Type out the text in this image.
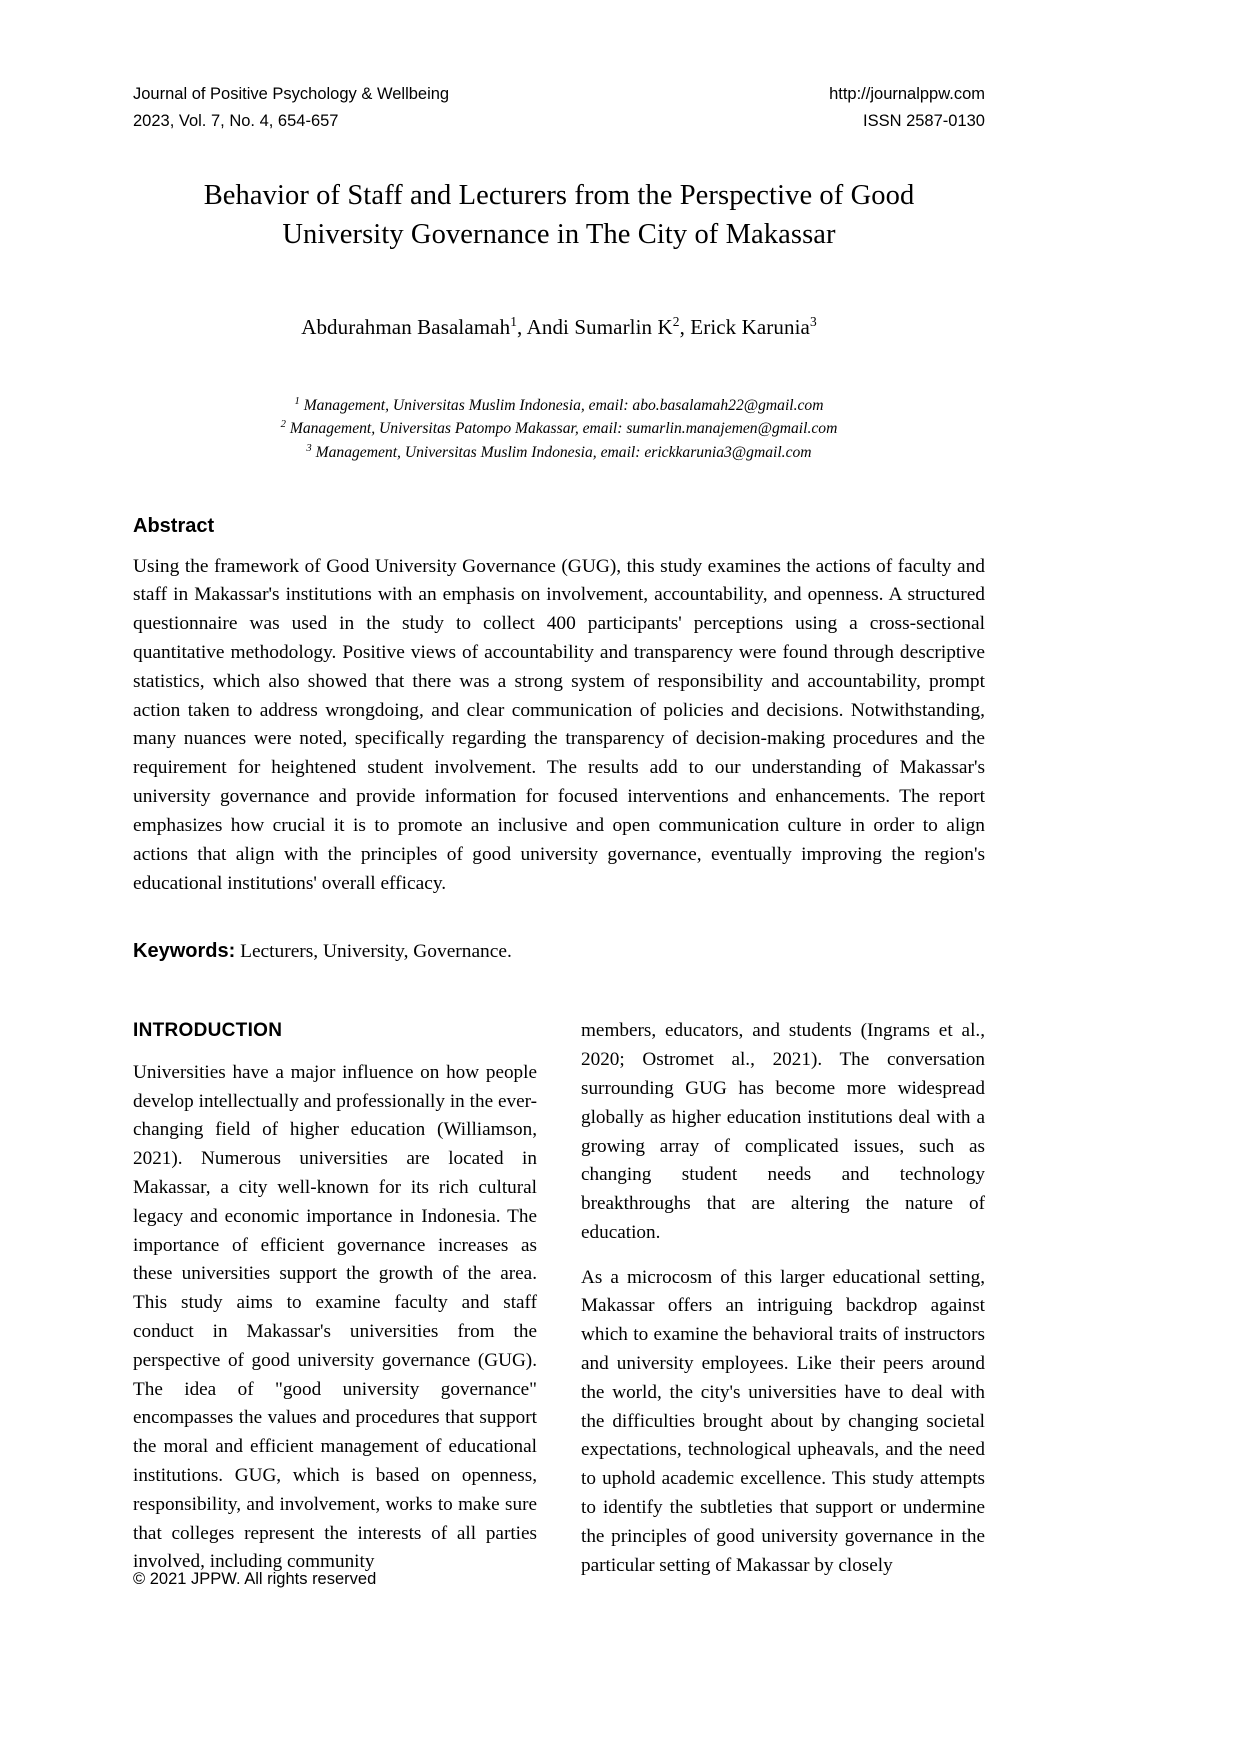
Journal of Positive Psychology & Wellbeing
2023, Vol. 7, No. 4, 654-657
http://journalppw.com
ISSN 2587-0130
Behavior of Staff and Lecturers from the Perspective of Good
University Governance in The City of Makassar
Abdurahman Basalamah$^1$, Andi Sumarlin $K^2$, Erick Karunia$^3$
$^1$ Management, Universitas Muslim Indonesia, email: abo.basalamah22@gmail.com
$^2$ Management, Universitas Patompo Makassar, email: sumarlin.manajemen@gmail.com
$^3$ Management, Universitas Muslim Indonesia, email: erickkarunia3@gmail.com
Abstract
Using the framework of Good University Governance (GUG), this study examines the actions of faculty and staff in Makassar's institutions with an emphasis on involvement, accountability, and openness. A structured questionnaire was used in the study to collect 400 participants' perceptions using a cross-sectional quantitative methodology. Positive views of accountability and transparency were found through descriptive statistics, which also showed that there was a strong system of responsibility and accountability, prompt action taken to address wrongdoing, and clear communication of policies and decisions. Notwithstanding, many nuances were noted, specifically regarding the transparency of decision-making procedures and the requirement for heightened student involvement. The results add to our understanding of Makassar's university governance and provide information for focused interventions and enhancements. The report emphasizes how crucial it is to promote an inclusive and open communication culture in order to align actions that align with the principles of good university governance, eventually improving the region's educational institutions' overall efficacy.
Keywords: Lecturers, University, Governance.
INTRODUCTION

Universities have a major influence on how people develop intellectually and professionally in the ever-changing field of higher education (Williamson, 2021). Numerous universities are located in Makassar, a city well-known for its rich cultural legacy and economic importance in Indonesia. The importance of efficient governance increases as these universities support the growth of the area. This study aims to examine faculty and staff conduct in Makassar's universities from the perspective of good university governance (GUG). The idea of "good university governance" encompasses the values and procedures that support the moral and efficient management of educational institutions. GUG, which is based on openness, responsibility, and involvement, works to make sure that colleges represent the interests of all parties involved, including community

members, educators, and students (Ingrams et al., 2020; Ostromet al., 2021). The conversation surrounding GUG has become more widespread globally as higher education institutions deal with a growing array of complicated issues, such as changing student needs and technology breakthroughs that are altering the nature of education.

As a microcosm of this larger educational setting, Makassar offers an intriguing backdrop against which to examine the behavioral traits of instructors and university employees. Like their peers around the world, the city's universities have to deal with the difficulties brought about by changing societal expectations, technological upheavals, and the need to uphold academic excellence. This study attempts to identify the subtleties that support or undermine the principles of good university governance in the particular setting of Makassar by closely

© 2021 JPPW. All rights reserved
